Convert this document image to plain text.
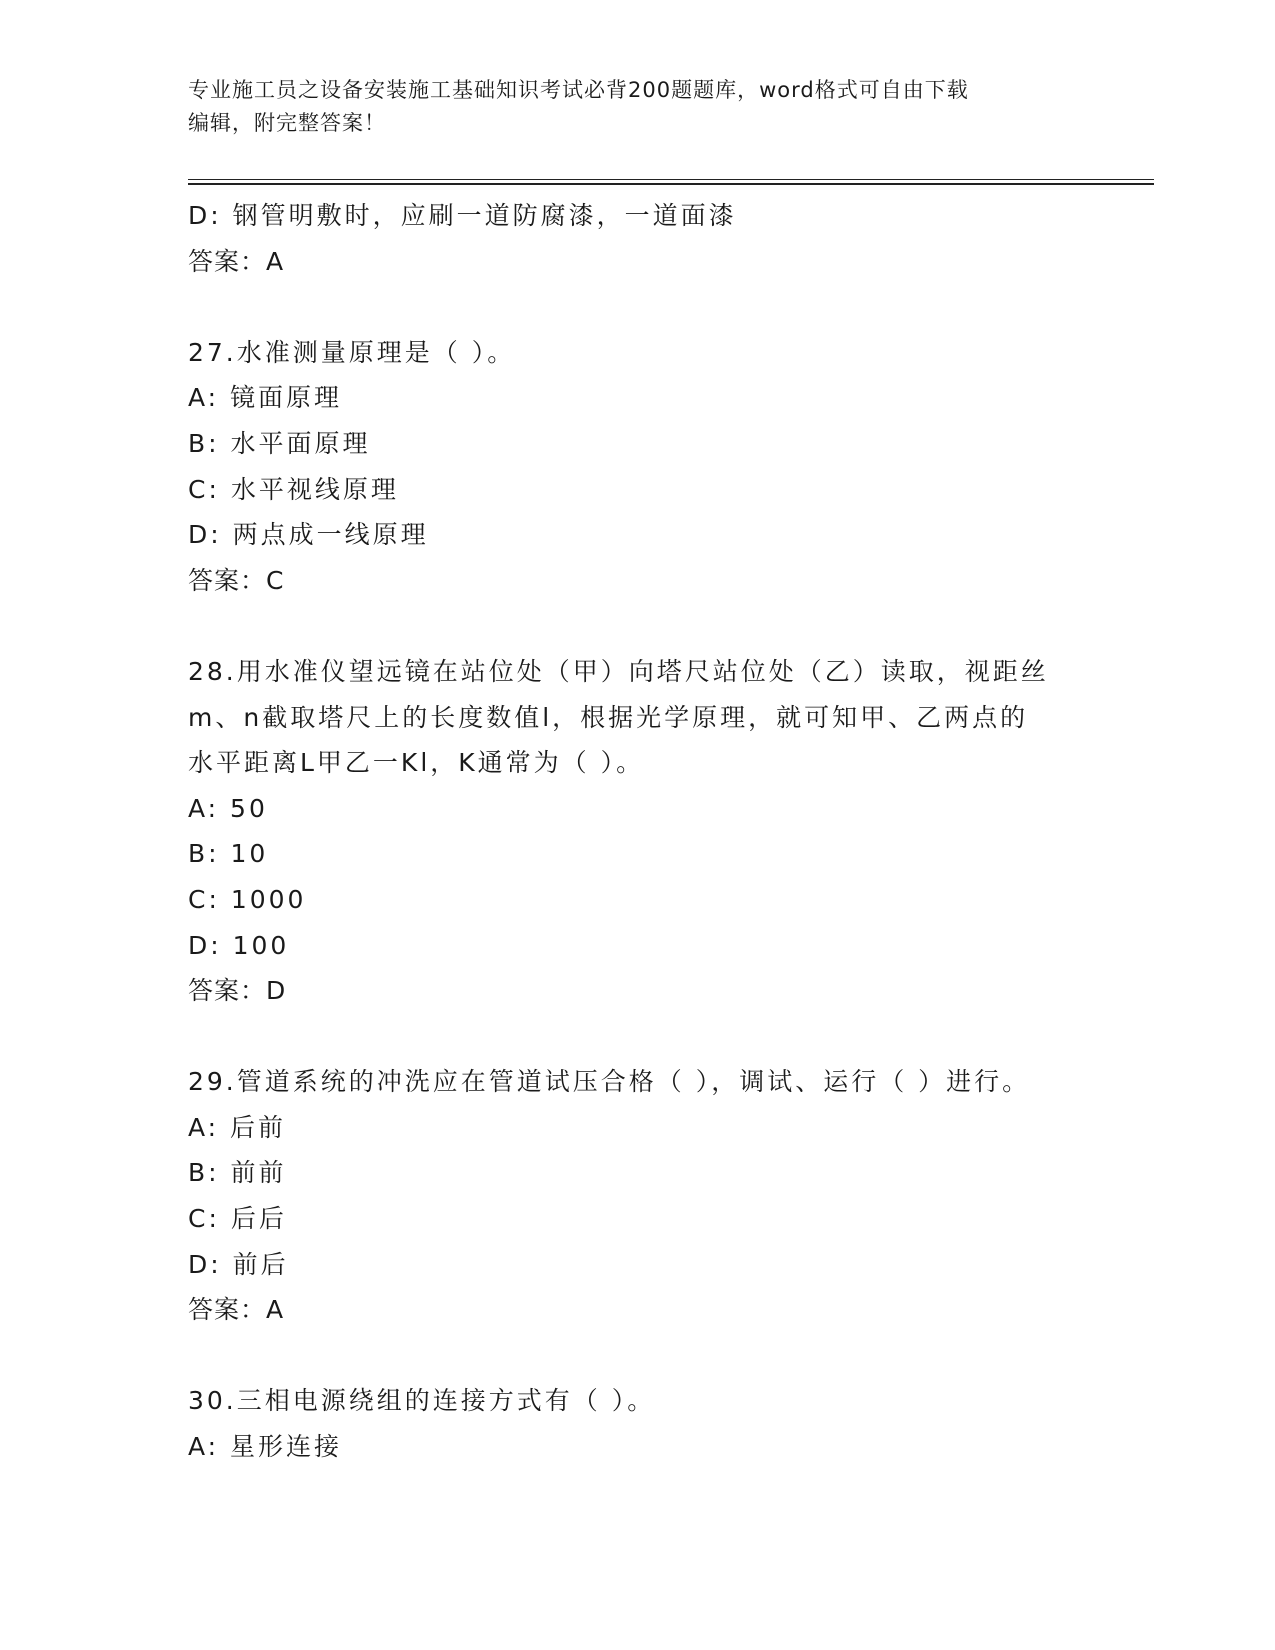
专业施工员之设备安装施工基础知识考试必背200题题库，word格式可自由下载
编辑，附完整答案！
D: 钢管明敷时，应刷一道防腐漆，一道面漆
答案：A
27.水准测量原理是（ ）。
A: 镜面原理
B: 水平面原理
C: 水平视线原理
D: 两点成一线原理
答案：C
28.用水准仪望远镜在站位处（甲）向塔尺站位处（乙）读取，视距丝
m、n截取塔尺上的长度数值l，根据光学原理，就可知甲、乙两点的
水平距离L甲乙一Kl，K通常为（ ）。
A: 50
B: 10
C: 1000
D: 100
答案：D
29.管道系统的冲洗应在管道试压合格（ ），调试、运行（ ）进行。
A: 后前
B: 前前
C: 后后
D: 前后
答案：A
30.三相电源绕组的连接方式有（ ）。
A: 星形连接
